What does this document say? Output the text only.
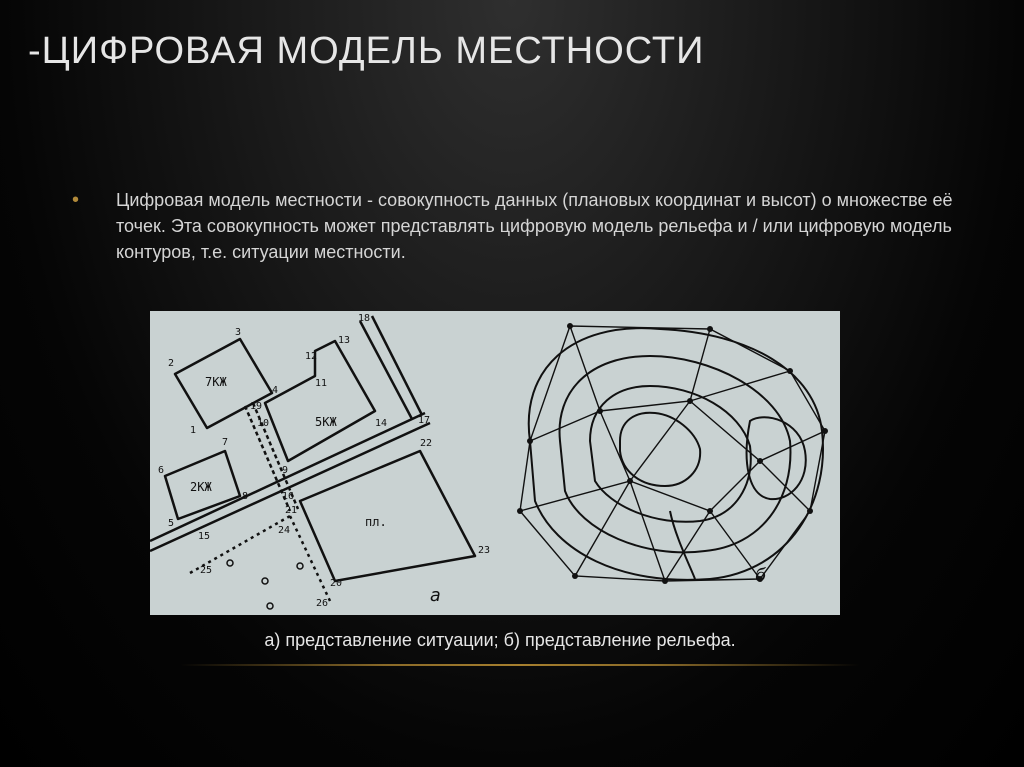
-ЦИФРОВАЯ МОДЕЛЬ МЕСТНОСТИ
• Цифровая модель местности - совокупность данных (плановых координат и высот) о множестве её точек. Эта совокупность может представлять цифровую модель рельефа и / или цифровую модель контуров, т.е. ситуации местности.
7КЖ
5КЖ
2КЖ
пл.
а
1
2
3
4
5
6
7
8
9
10
11
12
13
14
15
16
17
18
19
20
21
22
23
24
25
26
б
а) представление ситуации; б) представление рельефа.
